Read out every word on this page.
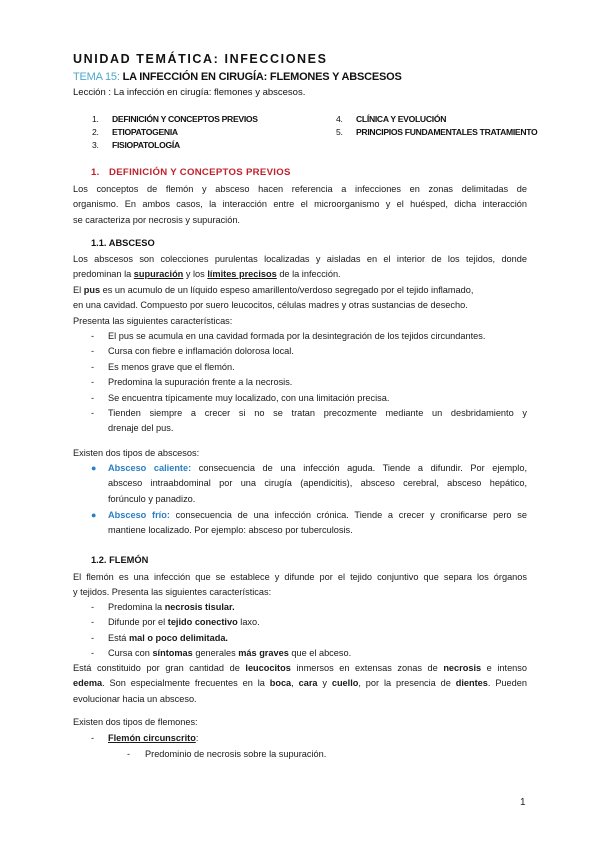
UNIDAD TEMÁTICA: INFECCIONES
TEMA 15: LA INFECCIÓN EN CIRUGÍA: FLEMONES Y ABSCESOS
Lección : La infección en cirugía: flemones y abscesos.
1. DEFINICIÓN Y CONCEPTOS PREVIOS
2. ETIOPATOGENIA
3. FISIOPATOLOGÍA
4. CLÍNICA Y EVOLUCIÓN
5. PRINCIPIOS FUNDAMENTALES TRATAMIENTO
1. DEFINICIÓN Y CONCEPTOS PREVIOS
Los conceptos de flemón y absceso hacen referencia a infecciones en zonas delimitadas de
organismo. En ambos casos, la interacción entre el microorganismo y el huésped, dicha interacción
se caracteriza por necrosis y supuración.
1.1. ABSCESO
Los abscesos son colecciones purulentas localizadas y aisladas en el interior de los tejidos, donde
predominan la supuración y los límites precisos de la infección.
El pus es un acumulo de un líquido espeso amarillento/verdoso segregado por el tejido inflamado,
en una cavidad. Compuesto por suero leucocitos, células madres y otras sustancias de desecho.
Presenta las siguientes características:
- El pus se acumula en una cavidad formada por la desintegración de los tejidos circundantes.
- Cursa con fiebre e inflamación dolorosa local.
- Es menos grave que el flemón.
- Predomina la supuración frente a la necrosis.
- Se encuentra típicamente muy localizado, con una limitación precisa.
- Tienden siempre a crecer si no se tratan precozmente mediante un desbridamiento y
drenaje del pus.
Existen dos tipos de abscesos:
● Absceso caliente: consecuencia de una infección aguda. Tiende a difundir. Por ejemplo,
absceso intraabdominal por una cirugía (apendicitis), absceso cerebral, absceso hepático,
forúnculo y panadizo.
● Absceso frío: consecuencia de una infección crónica. Tiende a crecer y cronificarse pero se
mantiene localizado. Por ejemplo: absceso por tuberculosis.
1.2. FLEMÓN
El flemón es una infección que se establece y difunde por el tejido conjuntivo que separa los órganos
y tejidos. Presenta las siguientes características:
- Predomina la necrosis tisular.
- Difunde por el tejido conectivo laxo.
- Está mal o poco delimitada.
- Cursa con síntomas generales más graves que el abceso.
Está constituido por gran cantidad de leucocitos inmersos en extensas zonas de necrosis e intenso
edema. Son especialmente frecuentes en la boca, cara y cuello, por la presencia de dientes. Pueden
evolucionar hacia un absceso.
Existen dos tipos de flemones:
- Flemón circunscrito:
- Predominio de necrosis sobre la supuración.
1
